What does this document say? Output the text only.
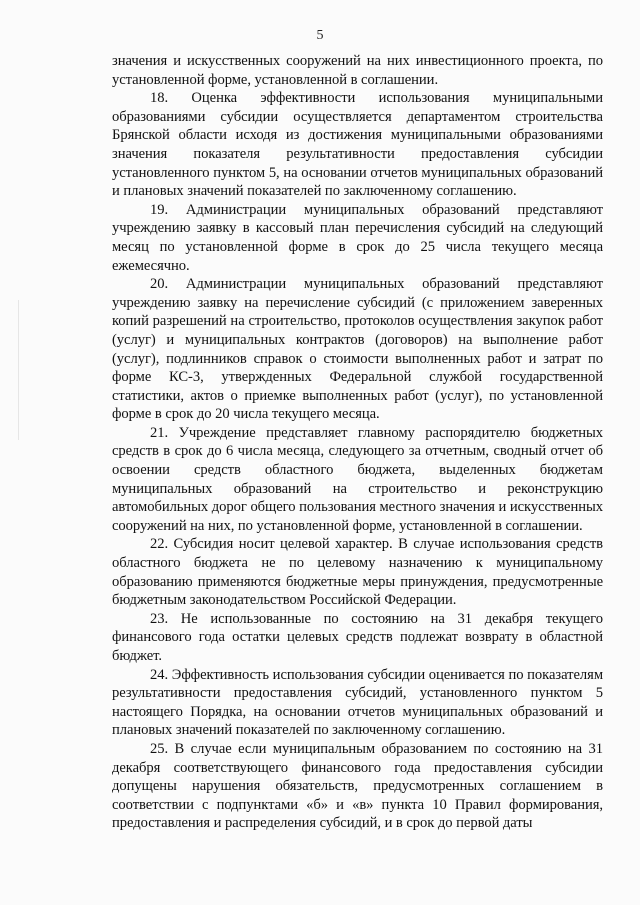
5

значения и искусственных сооружений на них инвестиционного проекта, по установленной форме, установленной в соглашении.

18. Оценка эффективности использования муниципальными образованиями субсидии осуществляется департаментом строительства Брянской области исходя из достижения муниципальными образованиями значения показателя результативности предоставления субсидии установленного пунктом 5, на основании отчетов муниципальных образований и плановых значений показателей по заключенному соглашению.

19. Администрации муниципальных образований представляют учреждению заявку в кассовый план перечисления субсидий на следующий месяц по установленной форме в срок до 25 числа текущего месяца ежемесячно.

20. Администрации муниципальных образований представляют учреждению заявку на перечисление субсидий (с приложением заверенных копий разрешений на строительство, протоколов осуществления закупок работ (услуг) и муниципальных контрактов (договоров) на выполнение работ (услуг), подлинников справок о стоимости выполненных работ и затрат по форме КС-3, утвержденных Федеральной службой государственной статистики, актов о приемке выполненных работ (услуг), по установленной форме в срок до 20 числа текущего месяца.

21. Учреждение представляет главному распорядителю бюджетных средств в срок до 6 числа месяца, следующего за отчетным, сводный отчет об освоении средств областного бюджета, выделенных бюджетам муниципальных образований на строительство и реконструкцию автомобильных дорог общего пользования местного значения и искусственных сооружений на них, по установленной форме, установленной в соглашении.

22. Субсидия носит целевой характер. В случае использования средств областного бюджета не по целевому назначению к муниципальному образованию применяются бюджетные меры принуждения, предусмотренные бюджетным законодательством Российской Федерации.

23. Не использованные по состоянию на 31 декабря текущего финансового года остатки целевых средств подлежат возврату в областной бюджет.

24. Эффективность использования субсидии оценивается по показателям результативности предоставления субсидий, установленного пунктом 5 настоящего Порядка, на основании отчетов муниципальных образований и плановых значений показателей по заключенному соглашению.

25. В случае если муниципальным образованием по состоянию на 31 декабря соответствующего финансового года предоставления субсидии допущены нарушения обязательств, предусмотренных соглашением в соответствии с подпунктами «б» и «в» пункта 10 Правил формирования, предоставления и распределения субсидий, и в срок до первой даты
